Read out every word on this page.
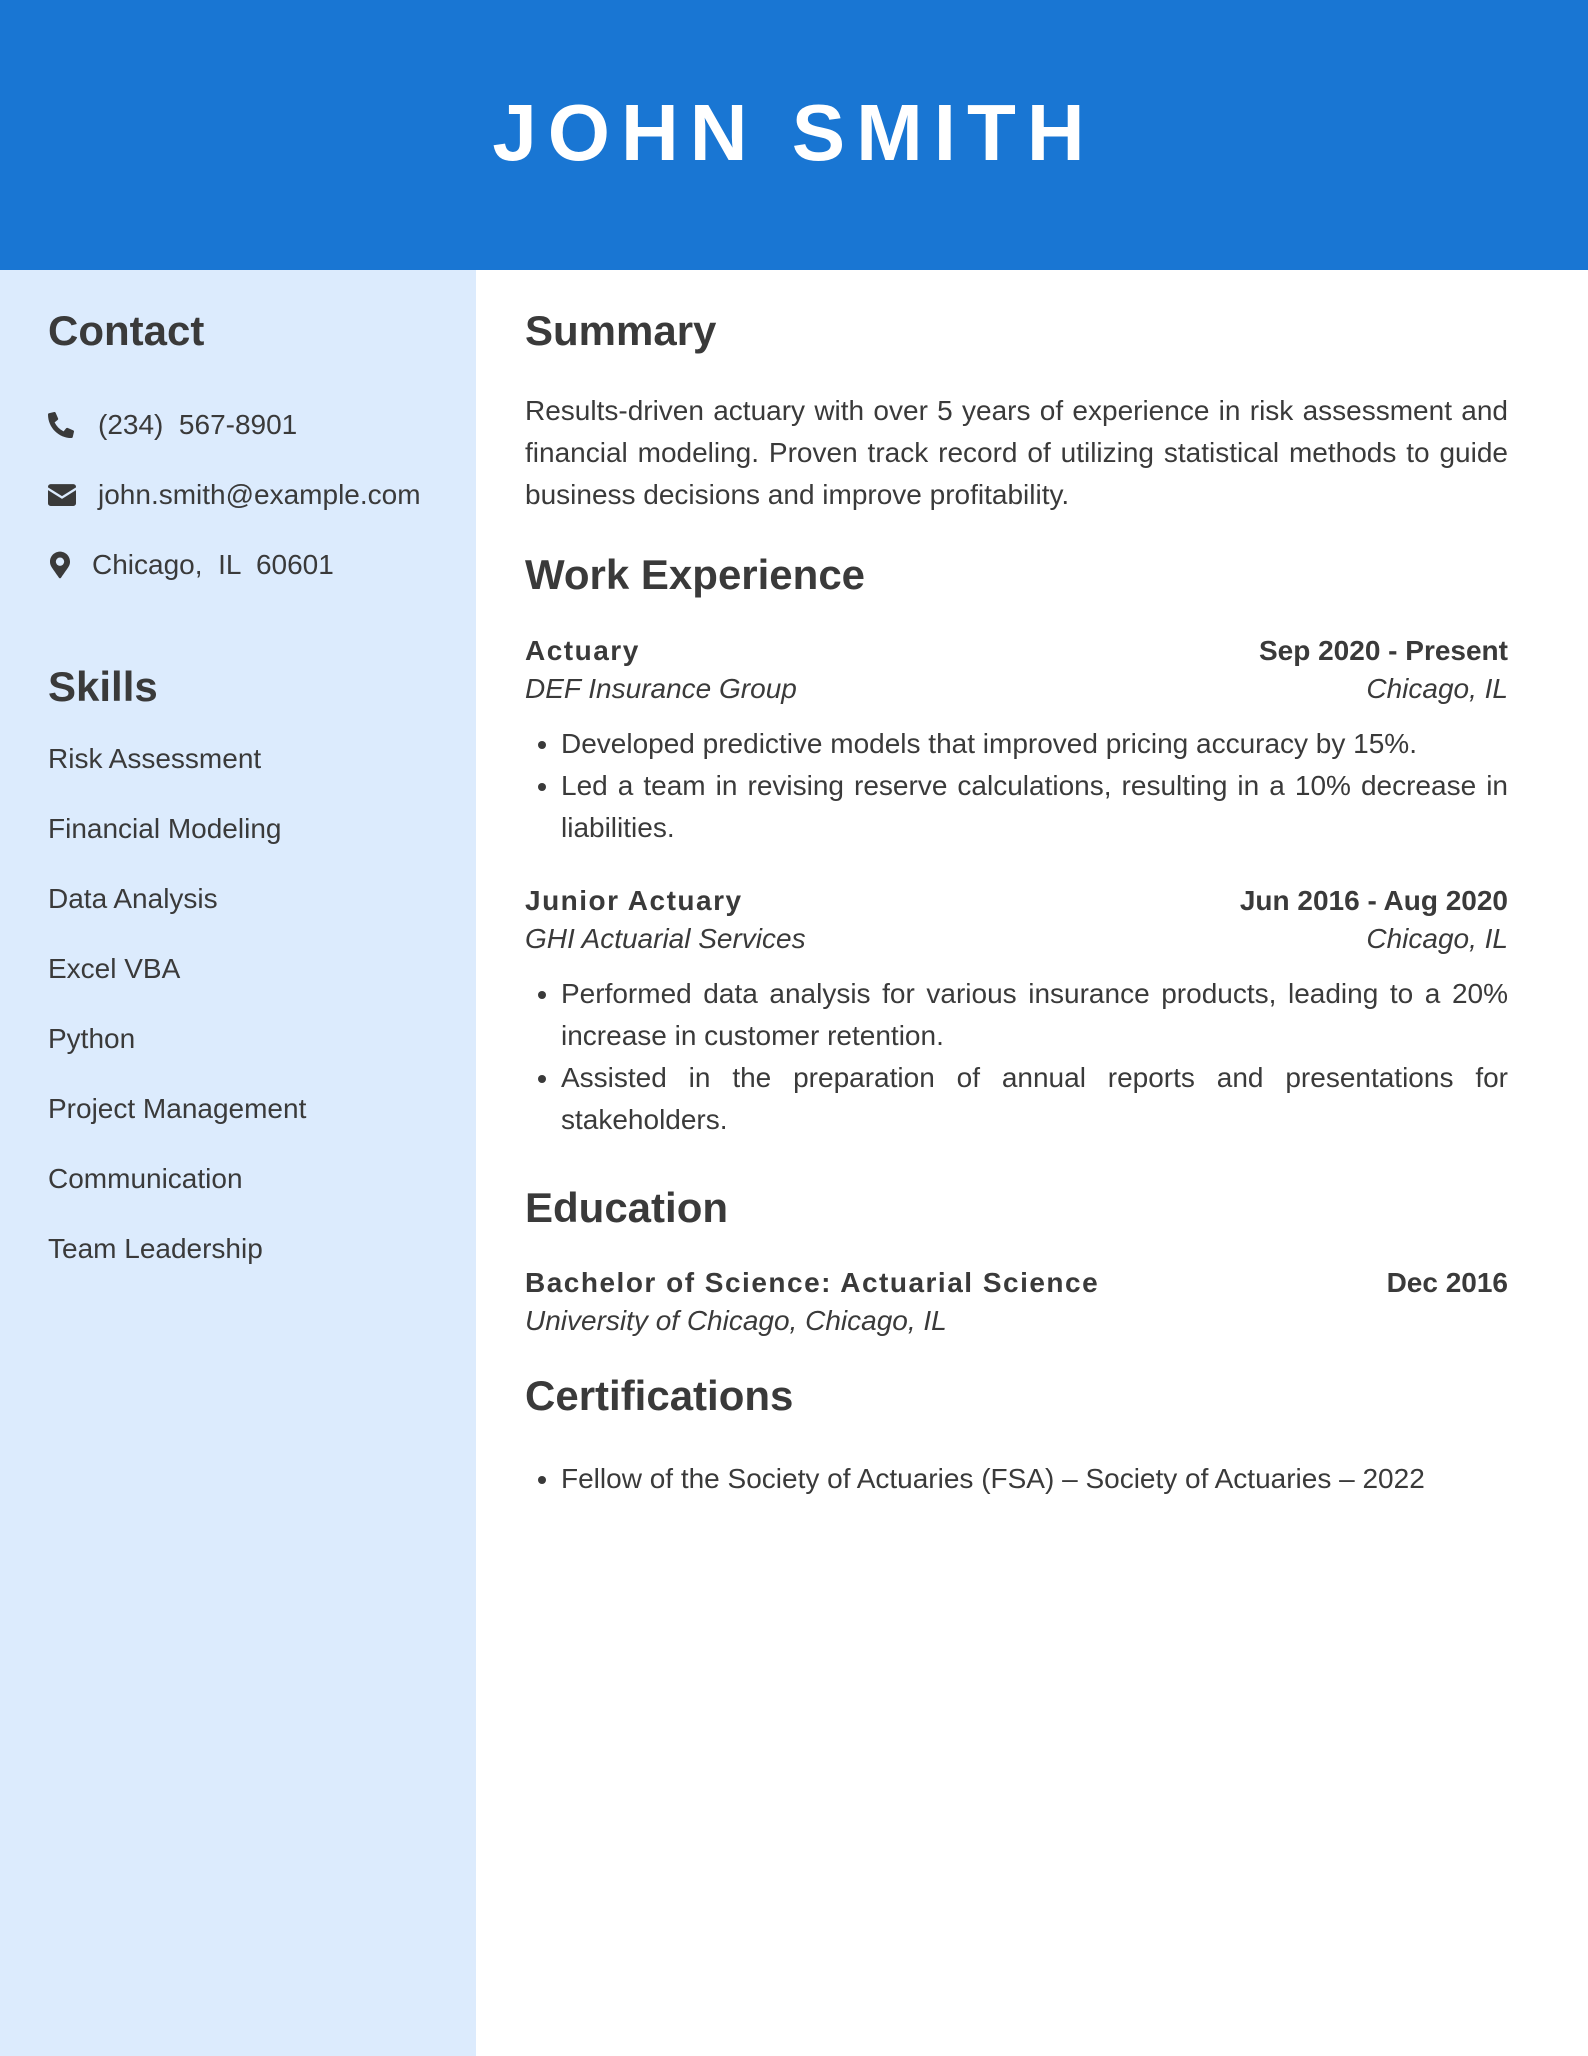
JOHN SMITH
Contact
(234)  567-8901
john.smith@example.com
Chicago,  IL  60601
Skills
Risk Assessment
Financial Modeling
Data Analysis
Excel VBA
Python
Project Management
Communication
Team Leadership
Summary

Results-driven actuary with over 5 years of experience in risk assessment and financial modeling. Proven track record of utilizing statistical methods to guide business decisions and improve profitability.

Work Experience
Actuary	Sep 2020 - Present
DEF Insurance Group	Chicago, IL
• Developed predictive models that improved pricing accuracy by 15%.
• Led a team in revising reserve calculations, resulting in a 10% decrease in liabilities.
Junior Actuary	Jun 2016 - Aug 2020
GHI Actuarial Services	Chicago, IL
• Performed data analysis for various insurance products, leading to a 20% increase in customer retention.
• Assisted in the preparation of annual reports and presentations for stakeholders.
Education
Bachelor of Science: Actuarial Science	Dec 2016
University of Chicago, Chicago, IL
Certifications
• Fellow of the Society of Actuaries (FSA) – Society of Actuaries – 2022
